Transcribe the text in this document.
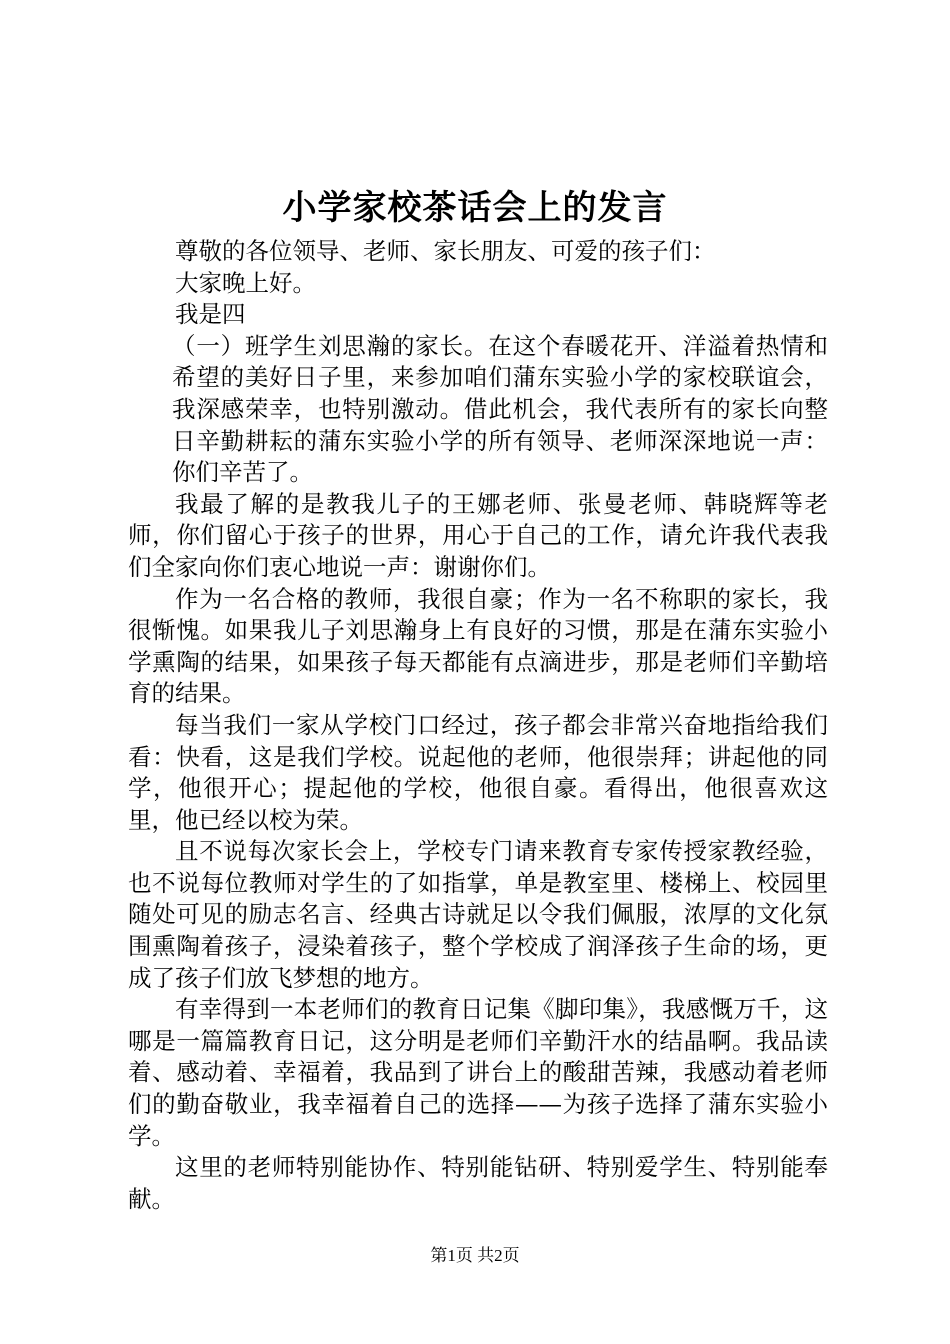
小学家校茶话会上的发言

尊敬的各位领导、老师、家长朋友、可爱的孩子们：

大家晚上好。

我是四

（一）班学生刘思瀚的家长。在这个春暖花开、洋溢着热情和希望的美好日子里，来参加咱们蒲东实验小学的家校联谊会，我深感荣幸，也特别激动。借此机会，我代表所有的家长向整日辛勤耕耘的蒲东实验小学的所有领导、老师深深地说一声：你们辛苦了。

我最了解的是教我儿子的王娜老师、张曼老师、韩晓辉等老师，你们留心于孩子的世界，用心于自己的工作，请允许我代表我们全家向你们衷心地说一声：谢谢你们。

作为一名合格的教师，我很自豪；作为一名不称职的家长，我很惭愧。如果我儿子刘思瀚身上有良好的习惯，那是在蒲东实验小学熏陶的结果，如果孩子每天都能有点滴进步，那是老师们辛勤培育的结果。

每当我们一家从学校门口经过，孩子都会非常兴奋地指给我们看：快看，这是我们学校。说起他的老师，他很崇拜；讲起他的同学，他很开心；提起他的学校，他很自豪。看得出，他很喜欢这里，他已经以校为荣。

且不说每次家长会上，学校专门请来教育专家传授家教经验，也不说每位教师对学生的了如指掌，单是教室里、楼梯上、校园里随处可见的励志名言、经典古诗就足以令我们佩服，浓厚的文化氛围熏陶着孩子，浸染着孩子，整个学校成了润泽孩子生命的场，更成了孩子们放飞梦想的地方。

有幸得到一本老师们的教育日记集《脚印集》，我感慨万千，这哪是一篇篇教育日记，这分明是老师们辛勤汗水的结晶啊。我品读着、感动着、幸福着，我品到了讲台上的酸甜苦辣，我感动着老师们的勤奋敬业，我幸福着自己的选择——为孩子选择了蒲东实验小学。

这里的老师特别能协作、特别能钻研、特别爱学生、特别能奉献。

第1页 共2页
